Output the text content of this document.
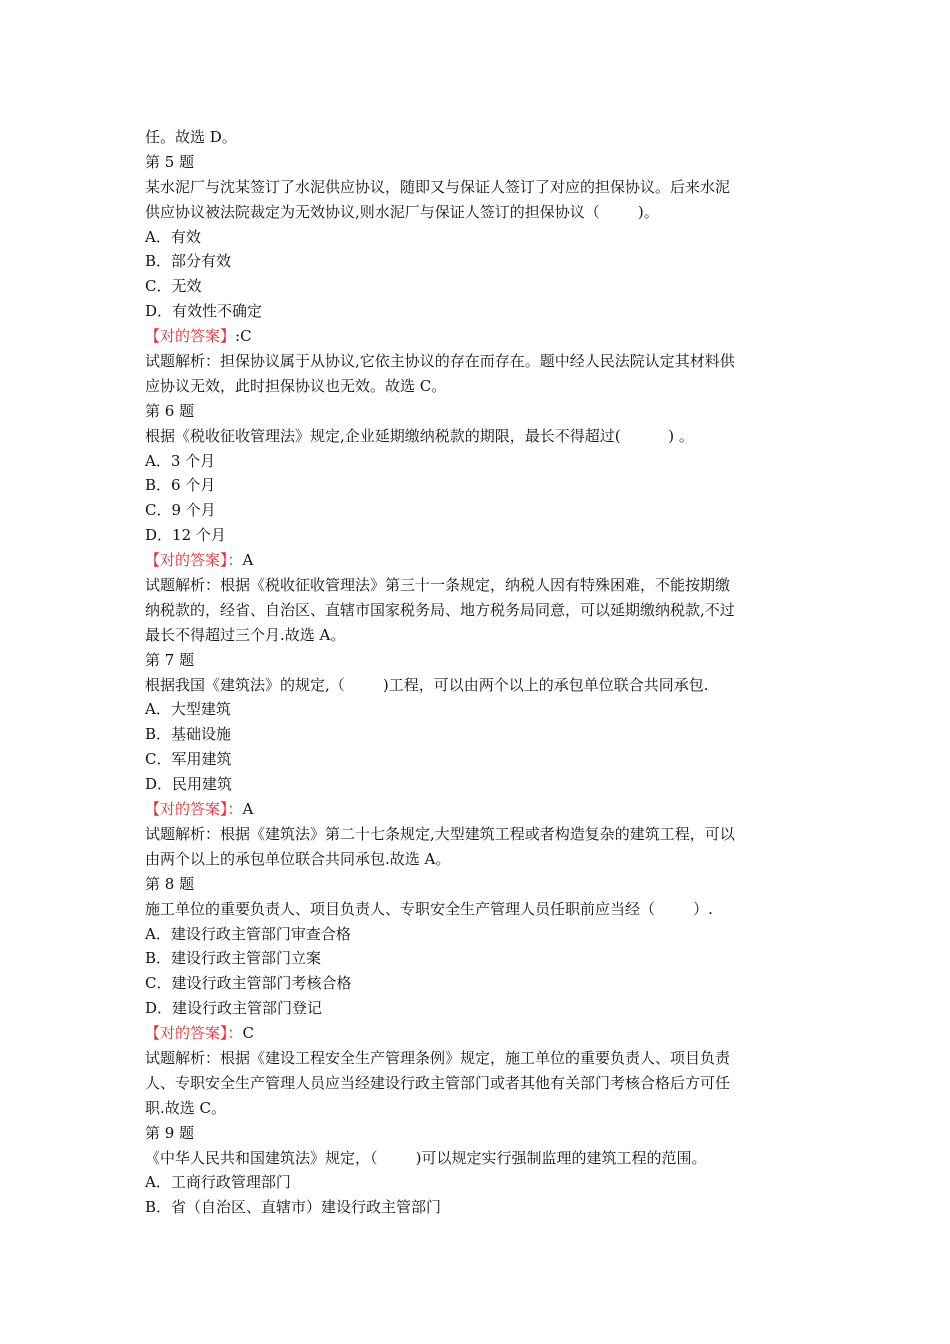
任。故选 D。
第 5 题
某水泥厂与沈某签订了水泥供应协议，随即又与保证人签订了对应的担保协议。后来水泥
供应协议被法院裁定为无效协议,则水泥厂与保证人签订的担保协议（        )。
A．有效
B．部分有效
C．无效
D．有效性不确定
【对的答案】:C
试题解析：担保协议属于从协议,它依主协议的存在而存在。题中经人民法院认定其材料供
应协议无效，此时担保协议也无效。故选 C。
第 6 题
根据《税收征收管理法》规定,企业延期缴纳税款的期限，最长不得超过(          ) 。
A．3 个月
B．6 个月
C．9 个月
D．12 个月
【对的答案】：A
试题解析：根据《税收征收管理法》第三十一条规定，纳税人因有特殊困难，不能按期缴
纳税款的，经省、自治区、直辖市国家税务局、地方税务局同意，可以延期缴纳税款,不过
最长不得超过三个月.故选 A。
第 7 题
根据我国《建筑法》的规定,（        )工程，可以由两个以上的承包单位联合共同承包.
A．大型建筑
B．基础设施
C．军用建筑
D．民用建筑
【对的答案】：A
试题解析：根据《建筑法》第二十七条规定,大型建筑工程或者构造复杂的建筑工程，可以
由两个以上的承包单位联合共同承包.故选 A。
第 8 题
施工单位的重要负责人、项目负责人、专职安全生产管理人员任职前应当经（        ）.
A．建设行政主管部门审查合格
B．建设行政主管部门立案
C．建设行政主管部门考核合格
D．建设行政主管部门登记
【对的答案】：C
试题解析：根据《建设工程安全生产管理条例》规定，施工单位的重要负责人、项目负责
人、专职安全生产管理人员应当经建设行政主管部门或者其他有关部门考核合格后方可任
职.故选 C。
第 9 题
《中华人民共和国建筑法》规定，（        )可以规定实行强制监理的建筑工程的范围。
A．工商行政管理部门
B．省（自治区、直辖市）建设行政主管部门
